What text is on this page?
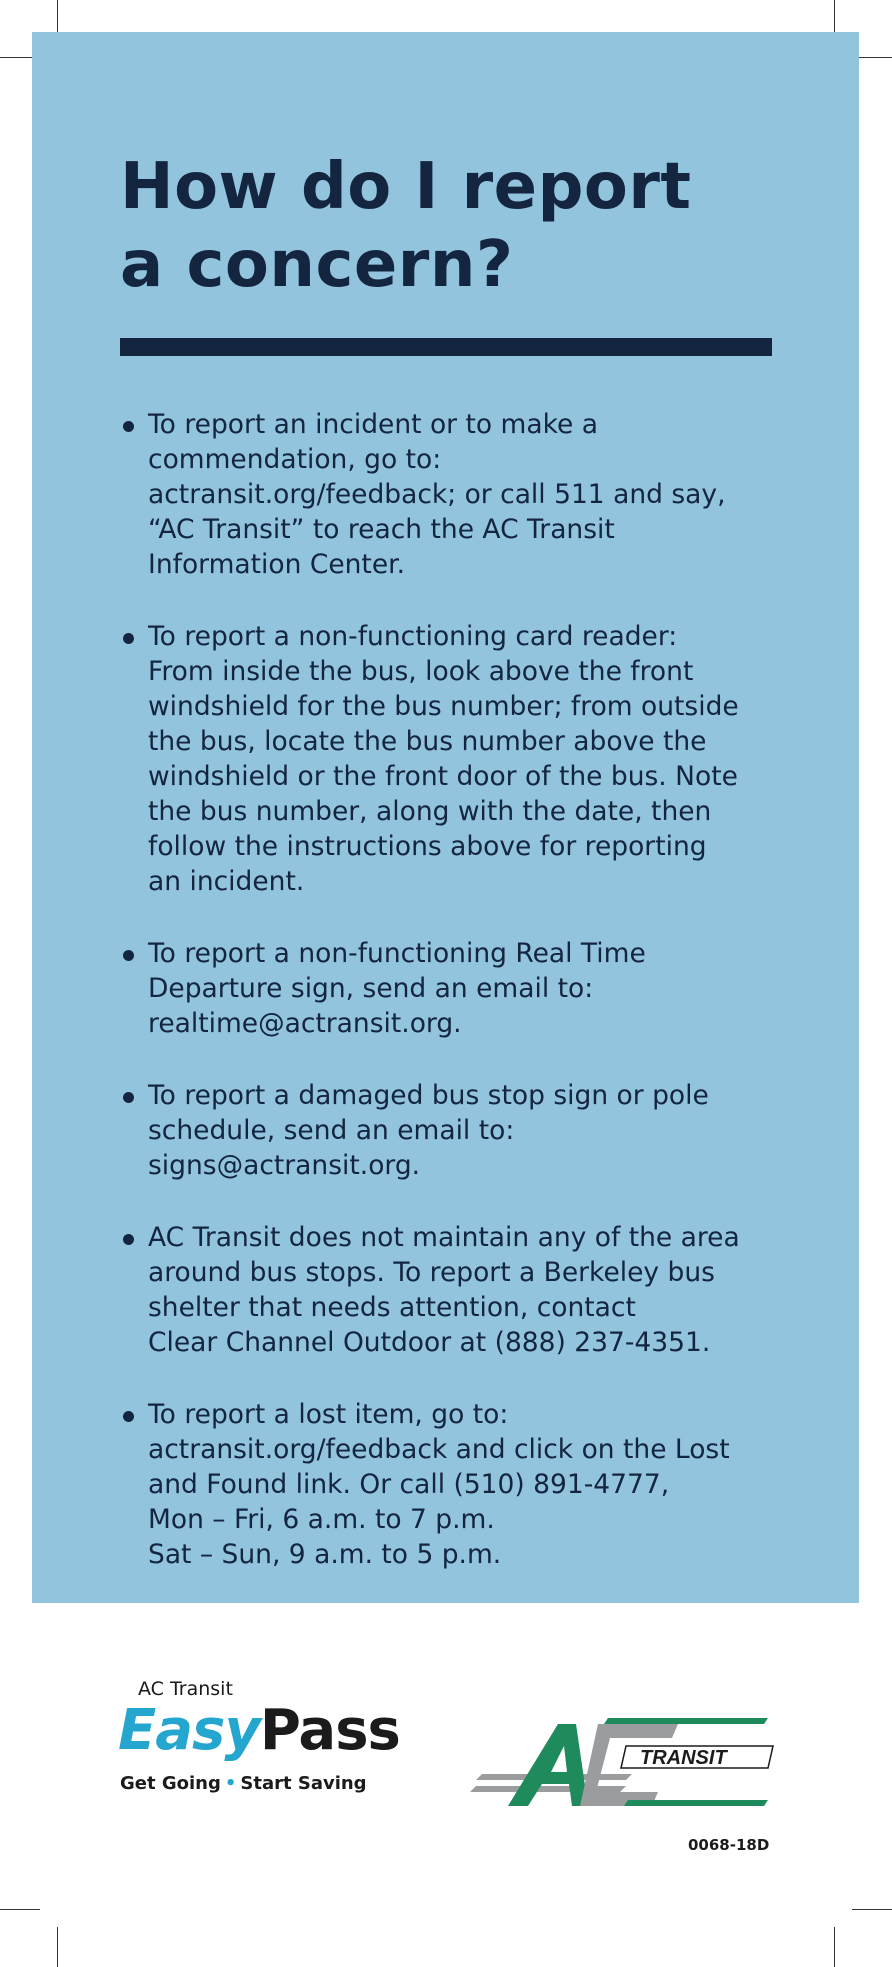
How do I report
a concern?
To report an incident or to make a
commendation, go to:
actransit.org/feedback; or call 511 and say,
“AC Transit” to reach the AC Transit
Information Center.
To report a non-functioning card reader:
From inside the bus, look above the front
windshield for the bus number; from outside
the bus, locate the bus number above the
windshield or the front door of the bus. Note
the bus number, along with the date, then
follow the instructions above for reporting
an incident.
To report a non-functioning Real Time
Departure sign, send an email to:
realtime@actransit.org.
To report a damaged bus stop sign or pole
schedule, send an email to:
signs@actransit.org.
AC Transit does not maintain any of the area
around bus stops. To report a Berkeley bus
shelter that needs attention, contact
Clear Channel Outdoor at (888) 237-4351.
To report a lost item, go to:
actransit.org/feedback and click on the Lost
and Found link. Or call (510) 891-4777,
Mon – Fri, 6 a.m. to 7 p.m.
Sat – Sun, 9 a.m. to 5 p.m.
AC Transit
EasyPass
Get Going • Start Saving
TRANSIT
0068-18D
